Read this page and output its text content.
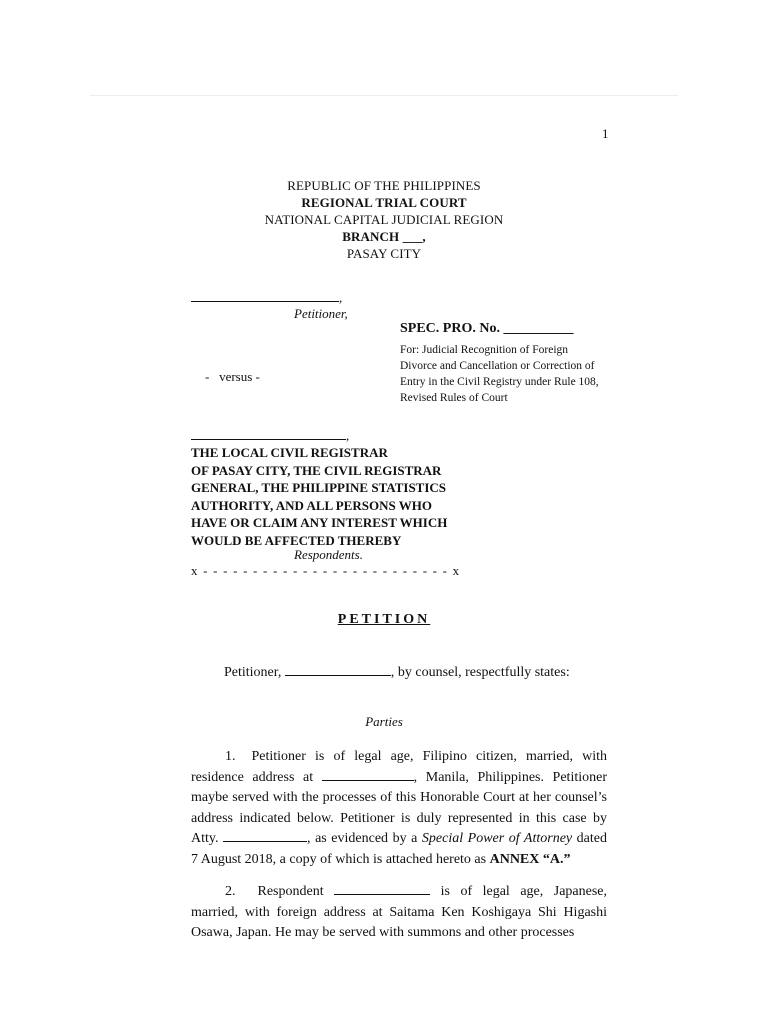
1
REPUBLIC OF THE PHILIPPINES
REGIONAL TRIAL COURT
NATIONAL CAPITAL JUDICIAL REGION
BRANCH ___,
PASAY CITY
,
Petitioner,
SPEC. PRO. No. __________
For: Judicial Recognition of Foreign Divorce and Cancellation or Correction of Entry in the Civil Registry under Rule 108, Revised Rules of Court
-   versus -
,
THE LOCAL CIVIL REGISTRAR
OF PASAY CITY, THE CIVIL REGISTRAR
GENERAL, THE PHILIPPINE STATISTICS
AUTHORITY, AND ALL PERSONS WHO
HAVE OR CLAIM ANY INTEREST WHICH
WOULD BE AFFECTED THEREBY
Respondents.
x - - - - - - - - - - - - - - - - - - - - - - - - - x
PETITION
Petitioner,	, by counsel, respectfully states:
Parties

1. Petitioner is of legal age, Filipino citizen, married, with residence address at	, Manila, Philippines. Petitioner maybe served with the processes of this Honorable Court at her counsel’s address indicated below. Petitioner is duly represented in this case by Atty.	, as evidenced by a Special Power of Attorney dated 7 August 2018, a copy of which is attached hereto as ANNEX “A.”

2. Respondent	is of legal age, Japanese, married, with foreign address at Saitama Ken Koshigaya Shi Higashi Osawa, Japan. He may be served with summons and other processes
